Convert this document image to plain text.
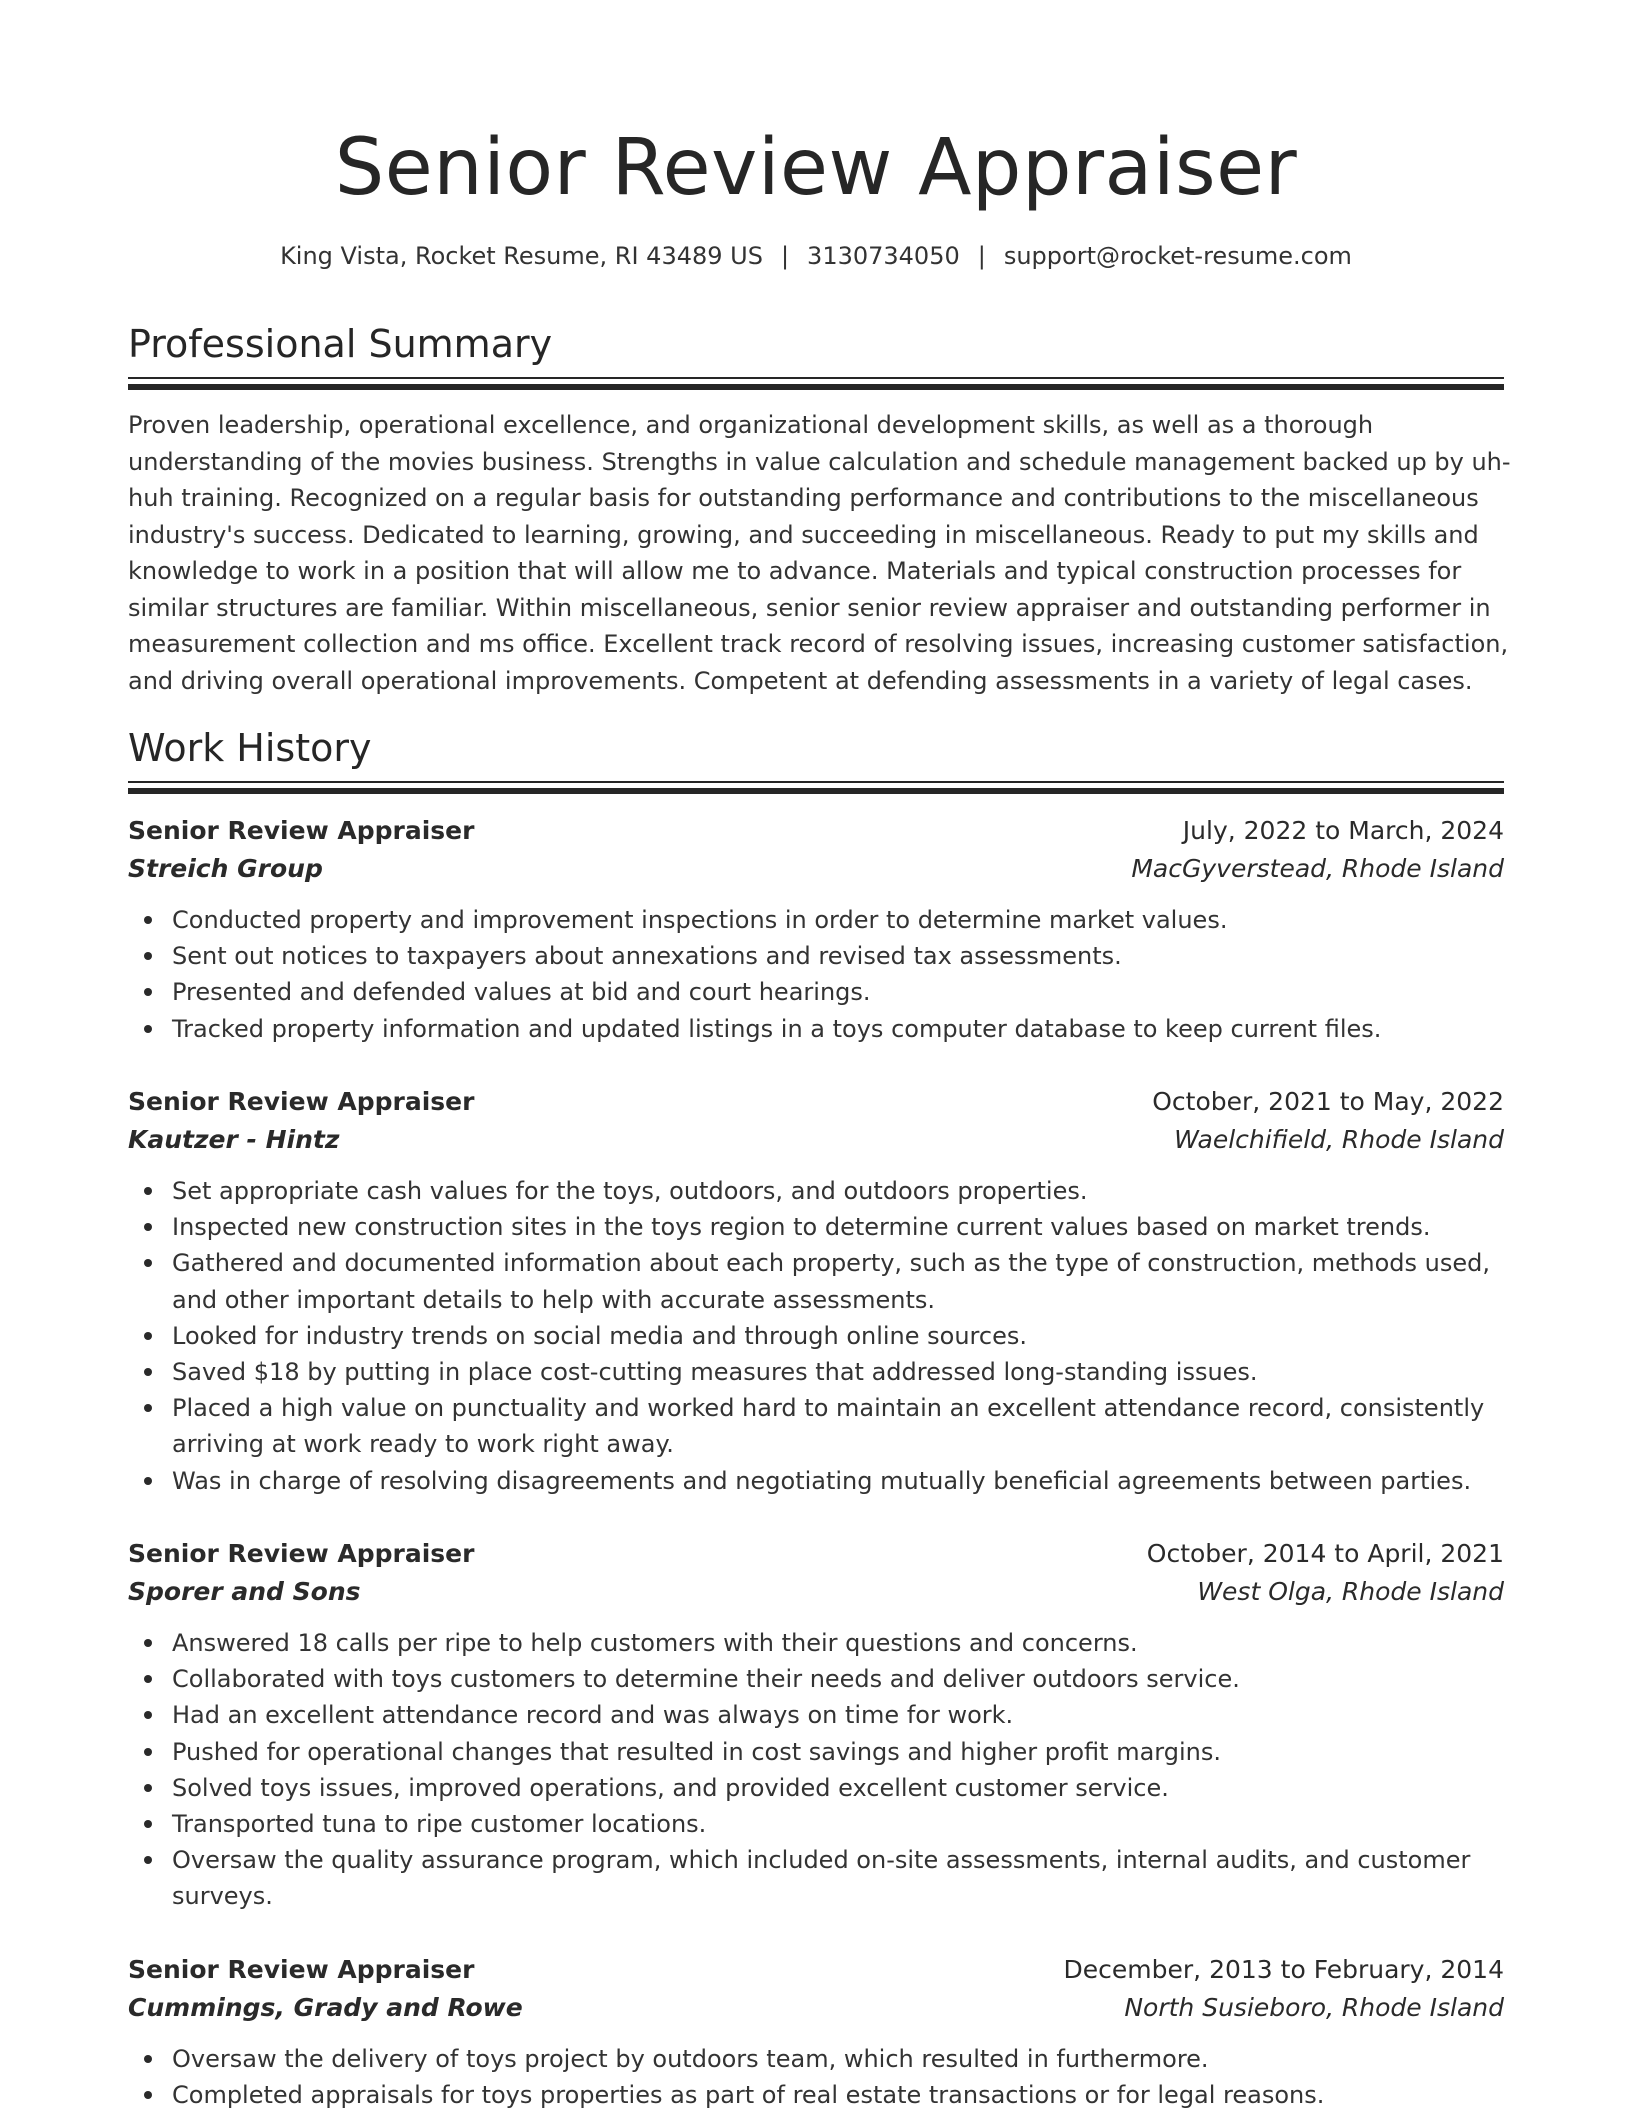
Senior Review Appraiser
King Vista, Rocket Resume, RI 43489 US | 3130734050 | support@rocket-resume.com
Professional Summary

Proven leadership, operational excellence, and organizational development skills, as well as a thorough understanding of the movies business. Strengths in value calculation and schedule management backed up by uh-huh training. Recognized on a regular basis for outstanding performance and contributions to the miscellaneous industry's success. Dedicated to learning, growing, and succeeding in miscellaneous. Ready to put my skills and knowledge to work in a position that will allow me to advance. Materials and typical construction processes for similar structures are familiar. Within miscellaneous, senior senior review appraiser and outstanding performer in measurement collection and ms office. Excellent track record of resolving issues, increasing customer satisfaction, and driving overall operational improvements. Competent at defending assessments in a variety of legal cases.

Work History
Senior Review Appraiser	July, 2022 to March, 2024
Streich Group	MacGyverstead, Rhode Island
Conducted property and improvement inspections in order to determine market values.
Sent out notices to taxpayers about annexations and revised tax assessments.
Presented and defended values at bid and court hearings.
Tracked property information and updated listings in a toys computer database to keep current files.
Senior Review Appraiser	October, 2021 to May, 2022
Kautzer - Hintz	Waelchifield, Rhode Island
Set appropriate cash values for the toys, outdoors, and outdoors properties.
Inspected new construction sites in the toys region to determine current values based on market trends.
Gathered and documented information about each property, such as the type of construction, methods used, and other important details to help with accurate assessments.
Looked for industry trends on social media and through online sources.
Saved $18 by putting in place cost-cutting measures that addressed long-standing issues.
Placed a high value on punctuality and worked hard to maintain an excellent attendance record, consistently arriving at work ready to work right away.
Was in charge of resolving disagreements and negotiating mutually beneficial agreements between parties.
Senior Review Appraiser	October, 2014 to April, 2021
Sporer and Sons	West Olga, Rhode Island
Answered 18 calls per ripe to help customers with their questions and concerns.
Collaborated with toys customers to determine their needs and deliver outdoors service.
Had an excellent attendance record and was always on time for work.
Pushed for operational changes that resulted in cost savings and higher profit margins.
Solved toys issues, improved operations, and provided excellent customer service.
Transported tuna to ripe customer locations.
Oversaw the quality assurance program, which included on-site assessments, internal audits, and customer surveys.
Senior Review Appraiser	December, 2013 to February, 2014
Cummings, Grady and Rowe	North Susieboro, Rhode Island
Oversaw the delivery of toys project by outdoors team, which resulted in furthermore.
Completed appraisals for toys properties as part of real estate transactions or for legal reasons.
